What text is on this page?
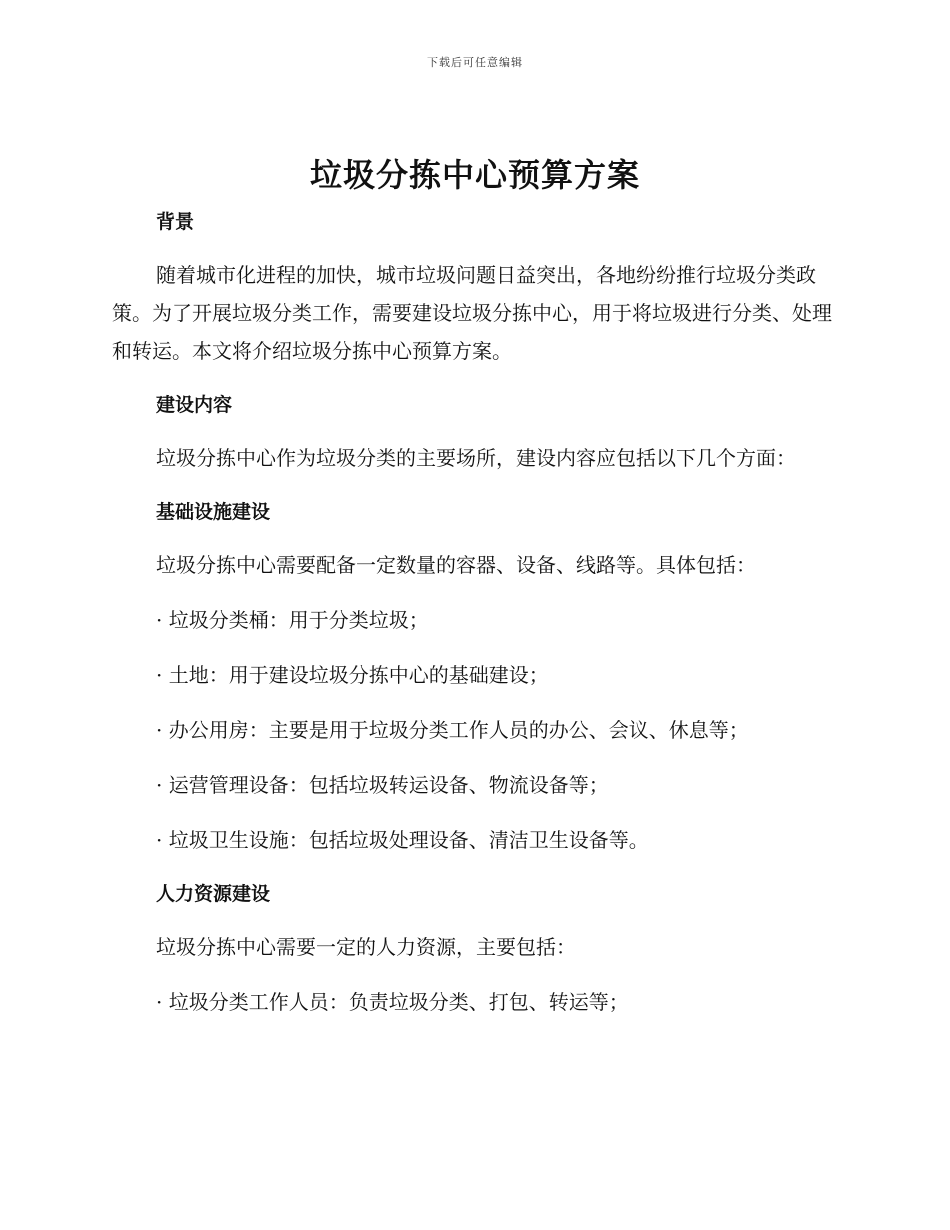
下载后可任意编辑
垃圾分拣中心预算方案
背景

随着城市化进程的加快，城市垃圾问题日益突出，各地纷纷推行垃圾分类政策。为了开展垃圾分类工作，需要建设垃圾分拣中心，用于将垃圾进行分类、处理和转运。本文将介绍垃圾分拣中心预算方案。

建设内容

垃圾分拣中心作为垃圾分类的主要场所，建设内容应包括以下几个方面：

基础设施建设

垃圾分拣中心需要配备一定数量的容器、设备、线路等。具体包括：

· 垃圾分类桶：用于分类垃圾；

· 土地：用于建设垃圾分拣中心的基础建设；

· 办公用房：主要是用于垃圾分类工作人员的办公、会议、休息等；

· 运营管理设备：包括垃圾转运设备、物流设备等；

· 垃圾卫生设施：包括垃圾处理设备、清洁卫生设备等。

人力资源建设

垃圾分拣中心需要一定的人力资源，主要包括：

· 垃圾分类工作人员：负责垃圾分类、打包、转运等；
